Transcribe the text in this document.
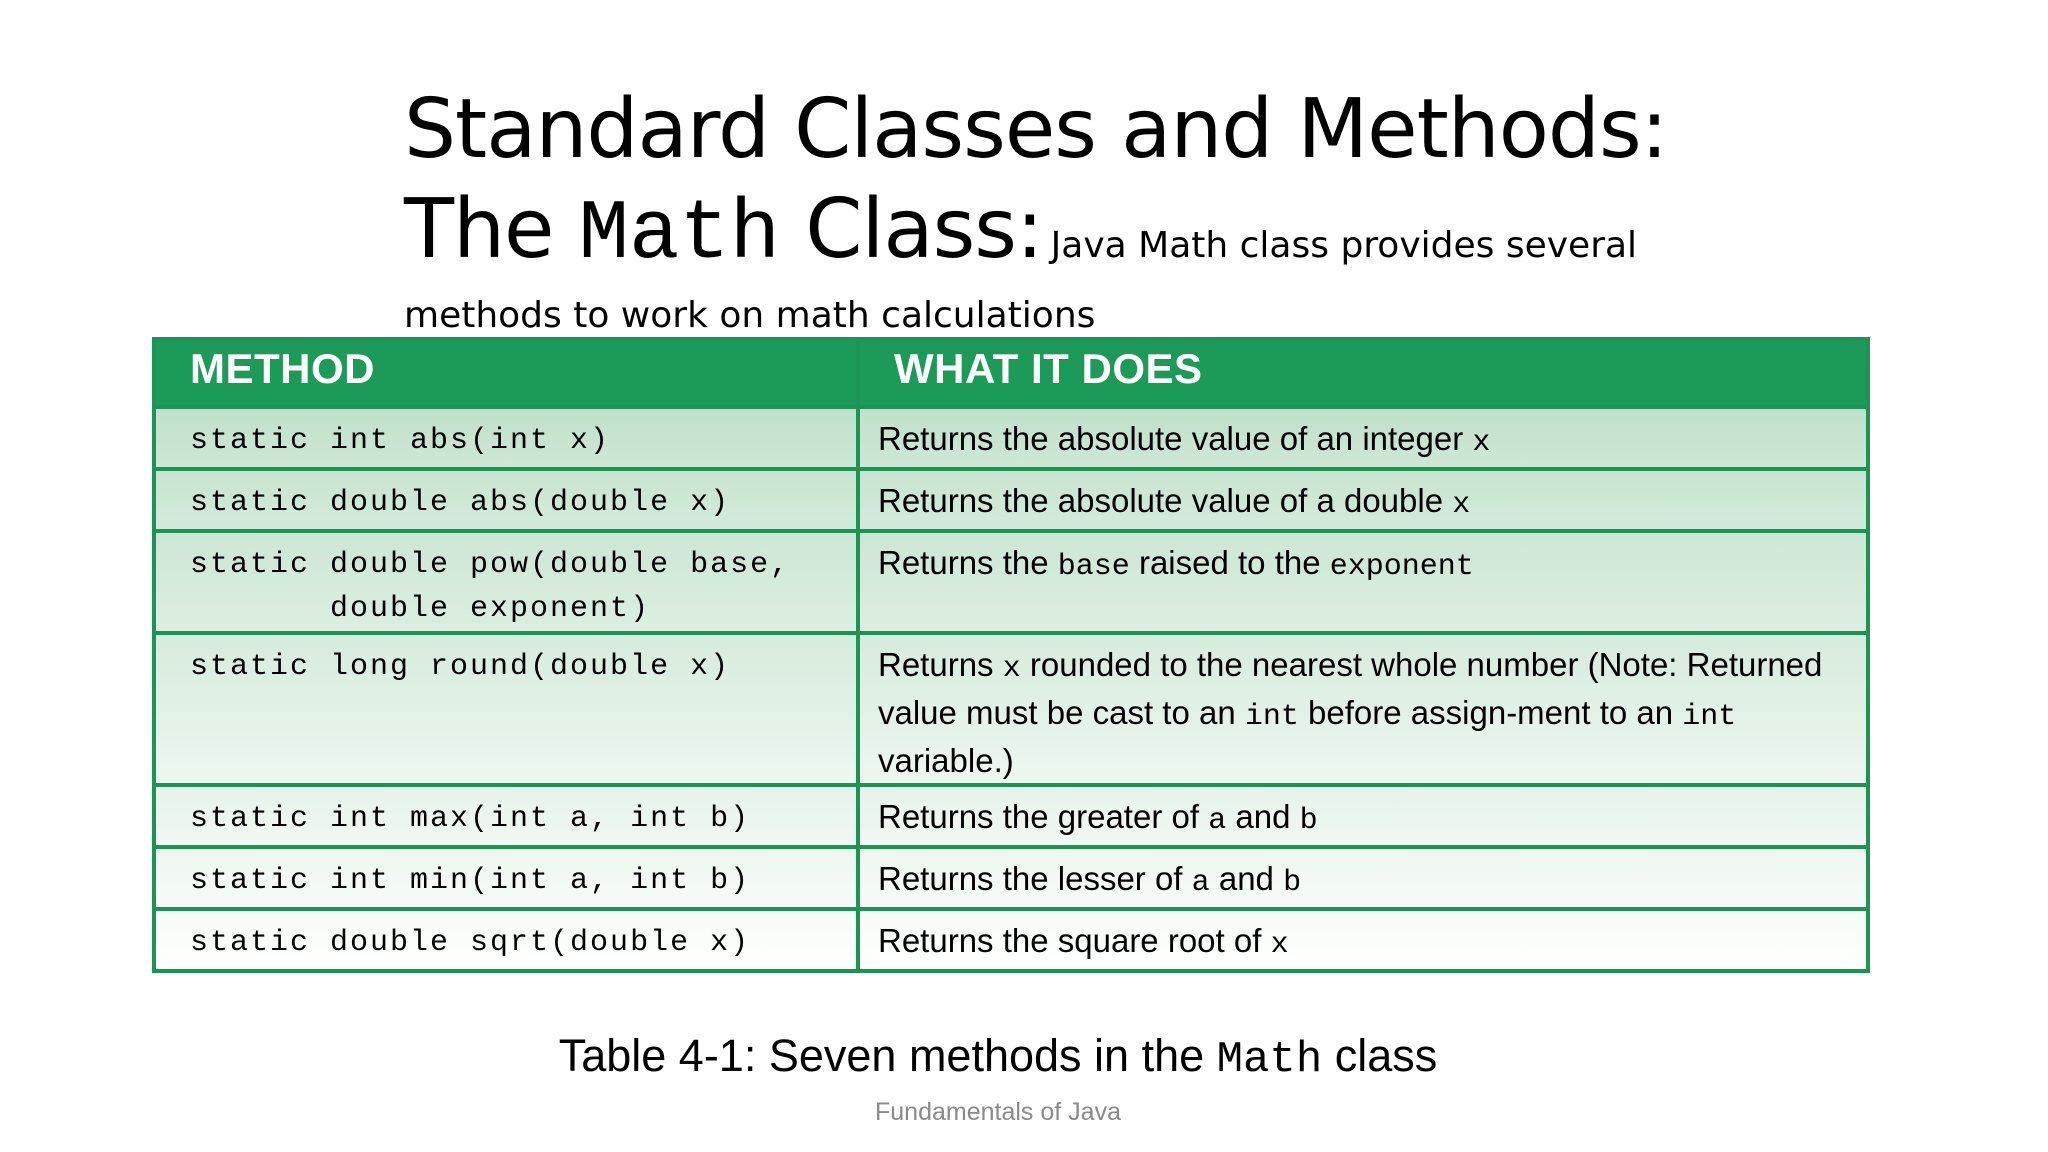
Standard Classes and Methods:
The Math Class: Java Math class provides several
methods to work on math calculations
METHOD	WHAT IT DOES

static int abs(int x)	Returns the absolute value of an integer x

static double abs(double x)	Returns the absolute value of a double x

static double pow(double base,
double exponent)	Returns the base raised to the exponent

static long round(double x)	Returns x rounded to the nearest whole number (Note: Returned value must be cast to an int before assign-ment to an int variable.)

static int max(int a, int b)	Returns the greater of a and b

static int min(int a, int b)	Returns the lesser of a and b

static double sqrt(double x)	Returns the square root of x
Table 4-1: Seven methods in the Math class
Fundamentals of Java
